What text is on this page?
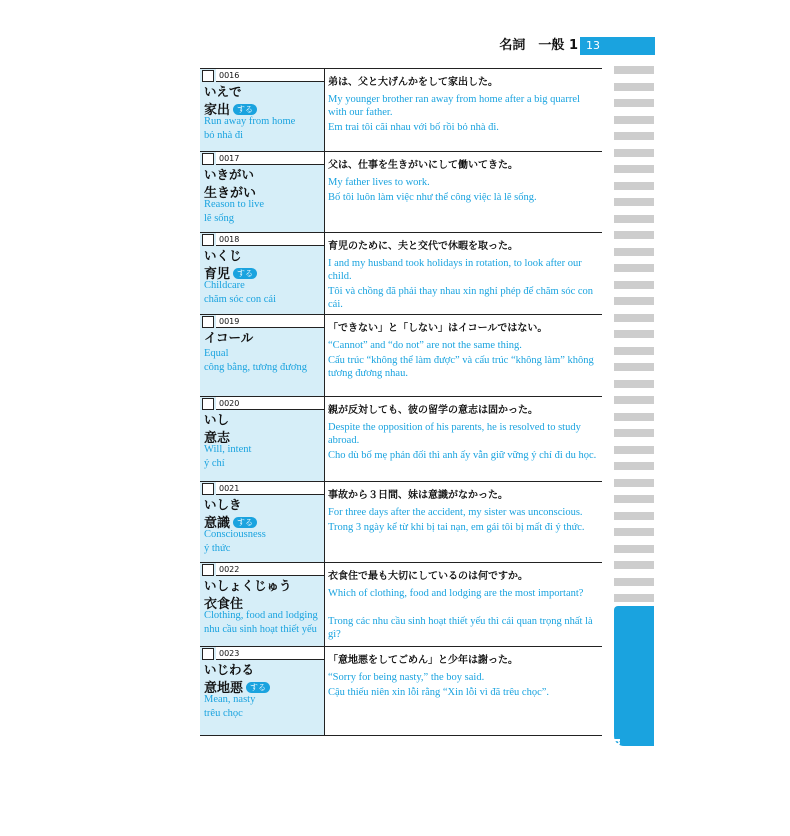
名詞　一般 1 13
0016
いえで
家出 する
Run away from home
bỏ nhà đi
弟は、父と大げんかをして家出した。
My younger brother ran away from home after a big quarrel with our father.
Em trai tôi cãi nhau với bố rồi bỏ nhà đi.
0017
いきがい
生きがい
Reason to live
lẽ sống
父は、仕事を生きがいにして働いてきた。
My father lives to work.
Bố tôi luôn làm việc như thể công việc là lẽ sống.
0018
いくじ
育児 する
Childcare
chăm sóc con cái
育児のために、夫と交代で休暇を取った。
I and my husband took holidays in rotation, to look after our child.
Tôi và chồng đã phải thay nhau xin nghỉ phép để chăm sóc con cái.
0019
イコール
Equal
công bằng, tương đương
「できない」と「しない」はイコールではない。
“Cannot” and “do not” are not the same thing.
Cấu trúc “không thể làm được” và cấu trúc “không làm” không tương đương nhau.
0020
いし
意志
Will, intent
ý chí
親が反対しても、彼の留学の意志は固かった。
Despite the opposition of his parents, he is resolved to study abroad.
Cho dù bố mẹ phản đối thì anh ấy vẫn giữ vững ý chí đi du học.
0021
いしき
意識 する
Consciousness
ý thức
事故から３日間、妹は意識がなかった。
For three days after the accident, my sister was unconscious.
Trong 3 ngày kể từ khi bị tai nạn, em gái tôi bị mất đi ý thức.
0022
いしょくじゅう
衣食住
Clothing, food and lodging
nhu cầu sinh hoạt thiết yếu
衣食住で最も大切にしているのは何ですか。
Which of clothing, food and lodging are the most important?
Trong các nhu cầu sinh hoạt thiết yếu thì cái quan trọng nhất là gì?
0023
いじわる
意地悪 する
Mean, nasty
trêu chọc
「意地悪をしてごめん」と少年は謝った。
“Sorry for being nasty,” the boy said.
Cậu thiếu niên xin lỗi rằng “Xin lỗi vì đã trêu chọc”.
minhtangbook
